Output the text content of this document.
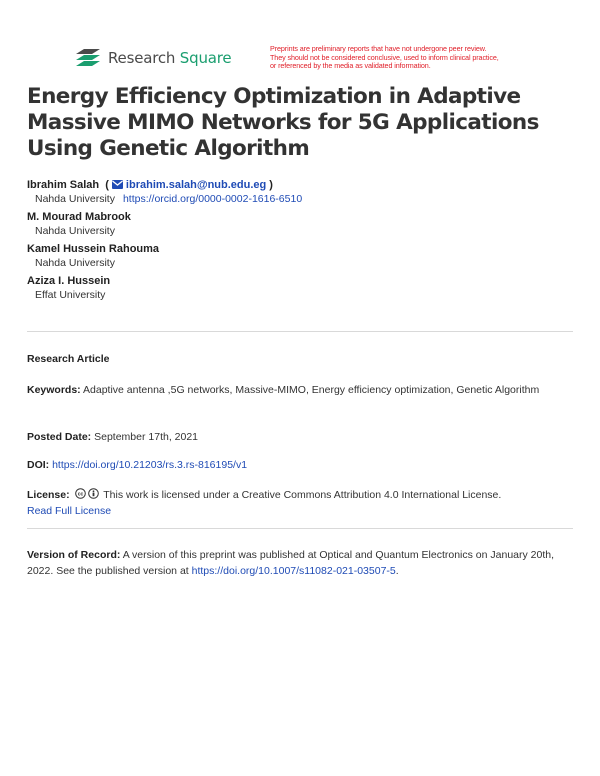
Research Square
Preprints are preliminary reports that have not undergone peer review.
They should not be considered conclusive, used to inform clinical practice,
or referenced by the media as validated information.
Energy Efficiency Optimization in Adaptive Massive MIMO Networks for 5G Applications Using Genetic Algorithm
Ibrahim Salah ( ibrahim.salah@nub.edu.eg )
Nahda University https://orcid.org/0000-0002-1616-6510
M. Mourad Mabrook
Nahda University
Kamel Hussein Rahouma
Nahda University
Aziza I. Hussein
Effat University
Research Article
Keywords: Adaptive antenna ,5G networks, Massive-MIMO, Energy efficiency optimization, Genetic Algorithm
Posted Date: September 17th, 2021
DOI: https://doi.org/10.21203/rs.3.rs-816195/v1
License: cc This work is licensed under a Creative Commons Attribution 4.0 International License.
Read Full License
Version of Record: A version of this preprint was published at Optical and Quantum Electronics on January 20th, 2022. See the published version at https://doi.org/10.1007/s11082-021-03507-5.
